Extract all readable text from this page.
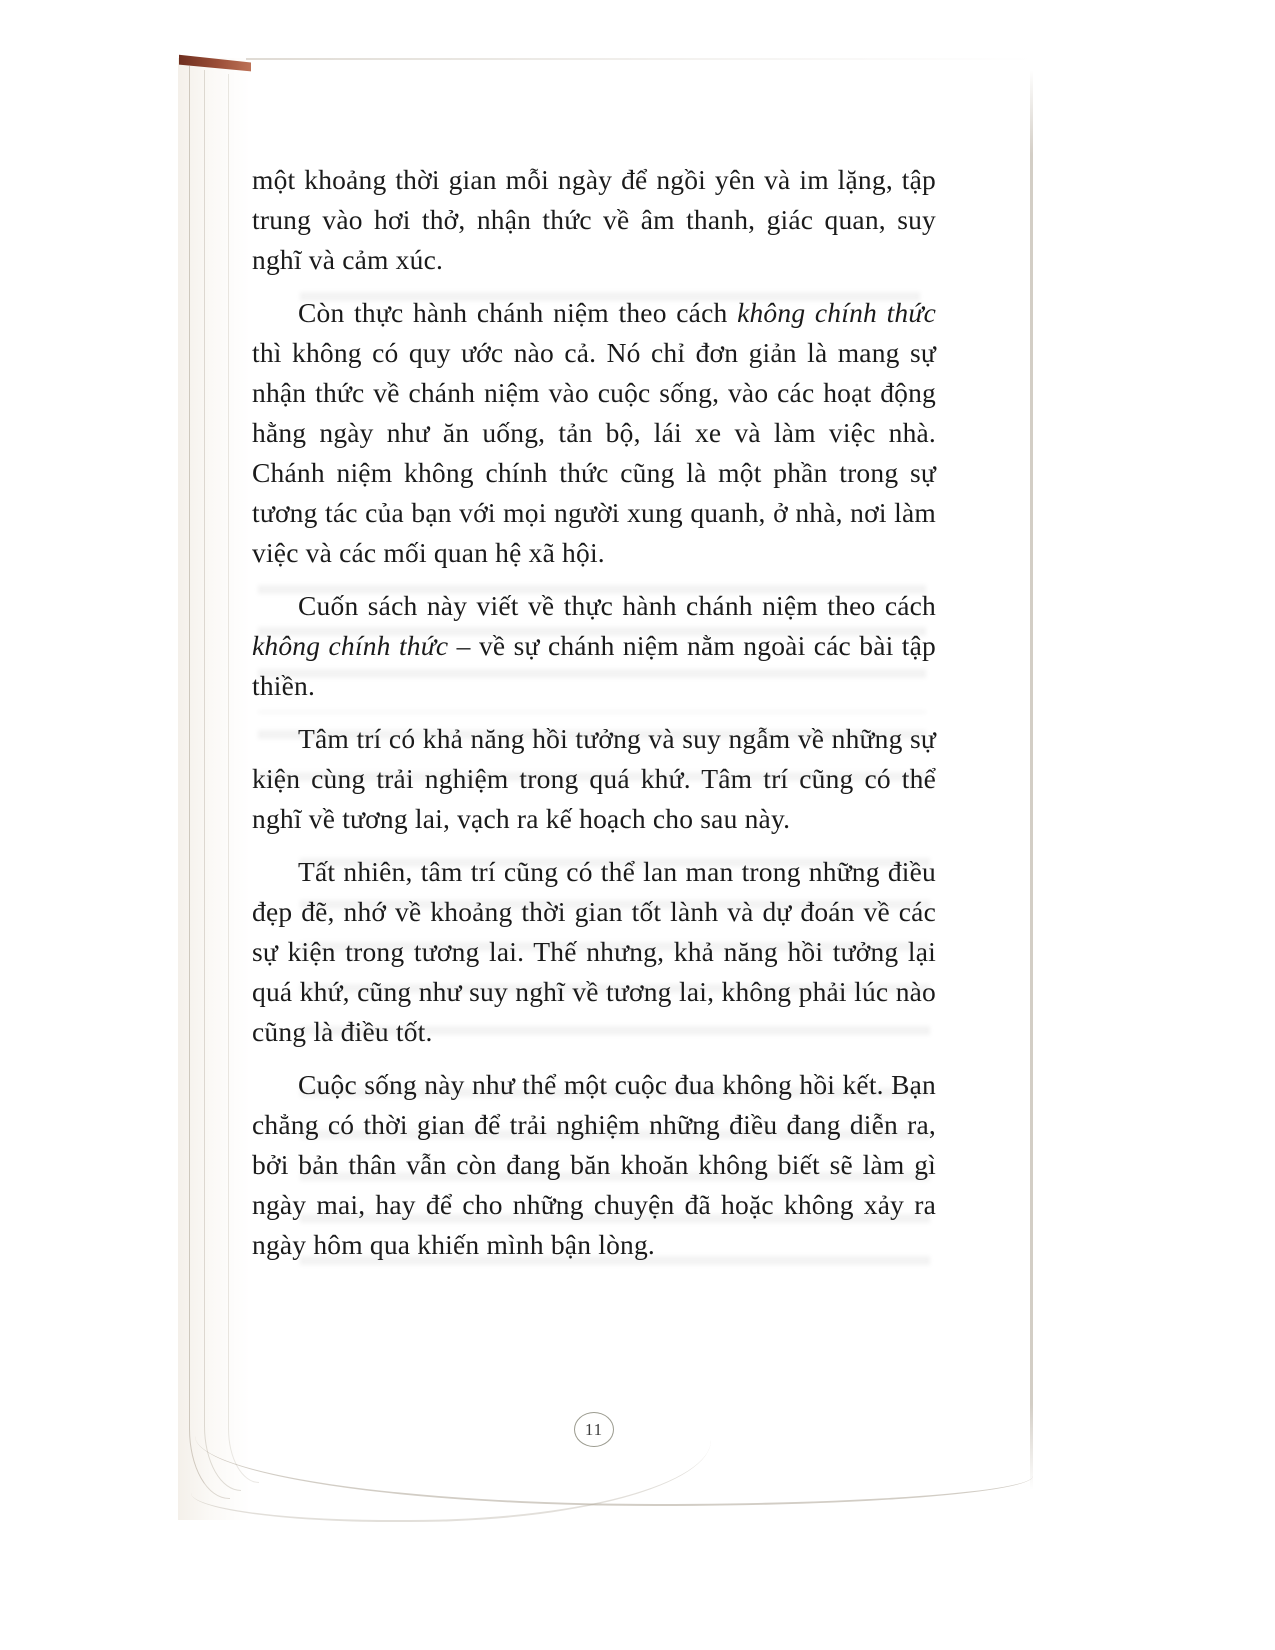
một khoảng thời gian mỗi ngày để ngồi yên và im lặng, tập trung vào hơi thở, nhận thức về âm thanh, giác quan, suy nghĩ và cảm xúc.

Còn thực hành chánh niệm theo cách không chính thức thì không có quy ước nào cả. Nó chỉ đơn giản là mang sự nhận thức về chánh niệm vào cuộc sống, vào các hoạt động hằng ngày như ăn uống, tản bộ, lái xe và làm việc nhà. Chánh niệm không chính thức cũng là một phần trong sự tương tác của bạn với mọi người xung quanh, ở nhà, nơi làm việc và các mối quan hệ xã hội.

Cuốn sách này viết về thực hành chánh niệm theo cách không chính thức – về sự chánh niệm nằm ngoài các bài tập thiền.

Tâm trí có khả năng hồi tưởng và suy ngẫm về những sự kiện cùng trải nghiệm trong quá khứ. Tâm trí cũng có thể nghĩ về tương lai, vạch ra kế hoạch cho sau này.

Tất nhiên, tâm trí cũng có thể lan man trong những điều đẹp đẽ, nhớ về khoảng thời gian tốt lành và dự đoán về các sự kiện trong tương lai. Thế nhưng, khả năng hồi tưởng lại quá khứ, cũng như suy nghĩ về tương lai, không phải lúc nào cũng là điều tốt.

Cuộc sống này như thể một cuộc đua không hồi kết. Bạn chẳng có thời gian để trải nghiệm những điều đang diễn ra, bởi bản thân vẫn còn đang băn khoăn không biết sẽ làm gì ngày mai, hay để cho những chuyện đã hoặc không xảy ra ngày hôm qua khiến mình bận lòng.

11
